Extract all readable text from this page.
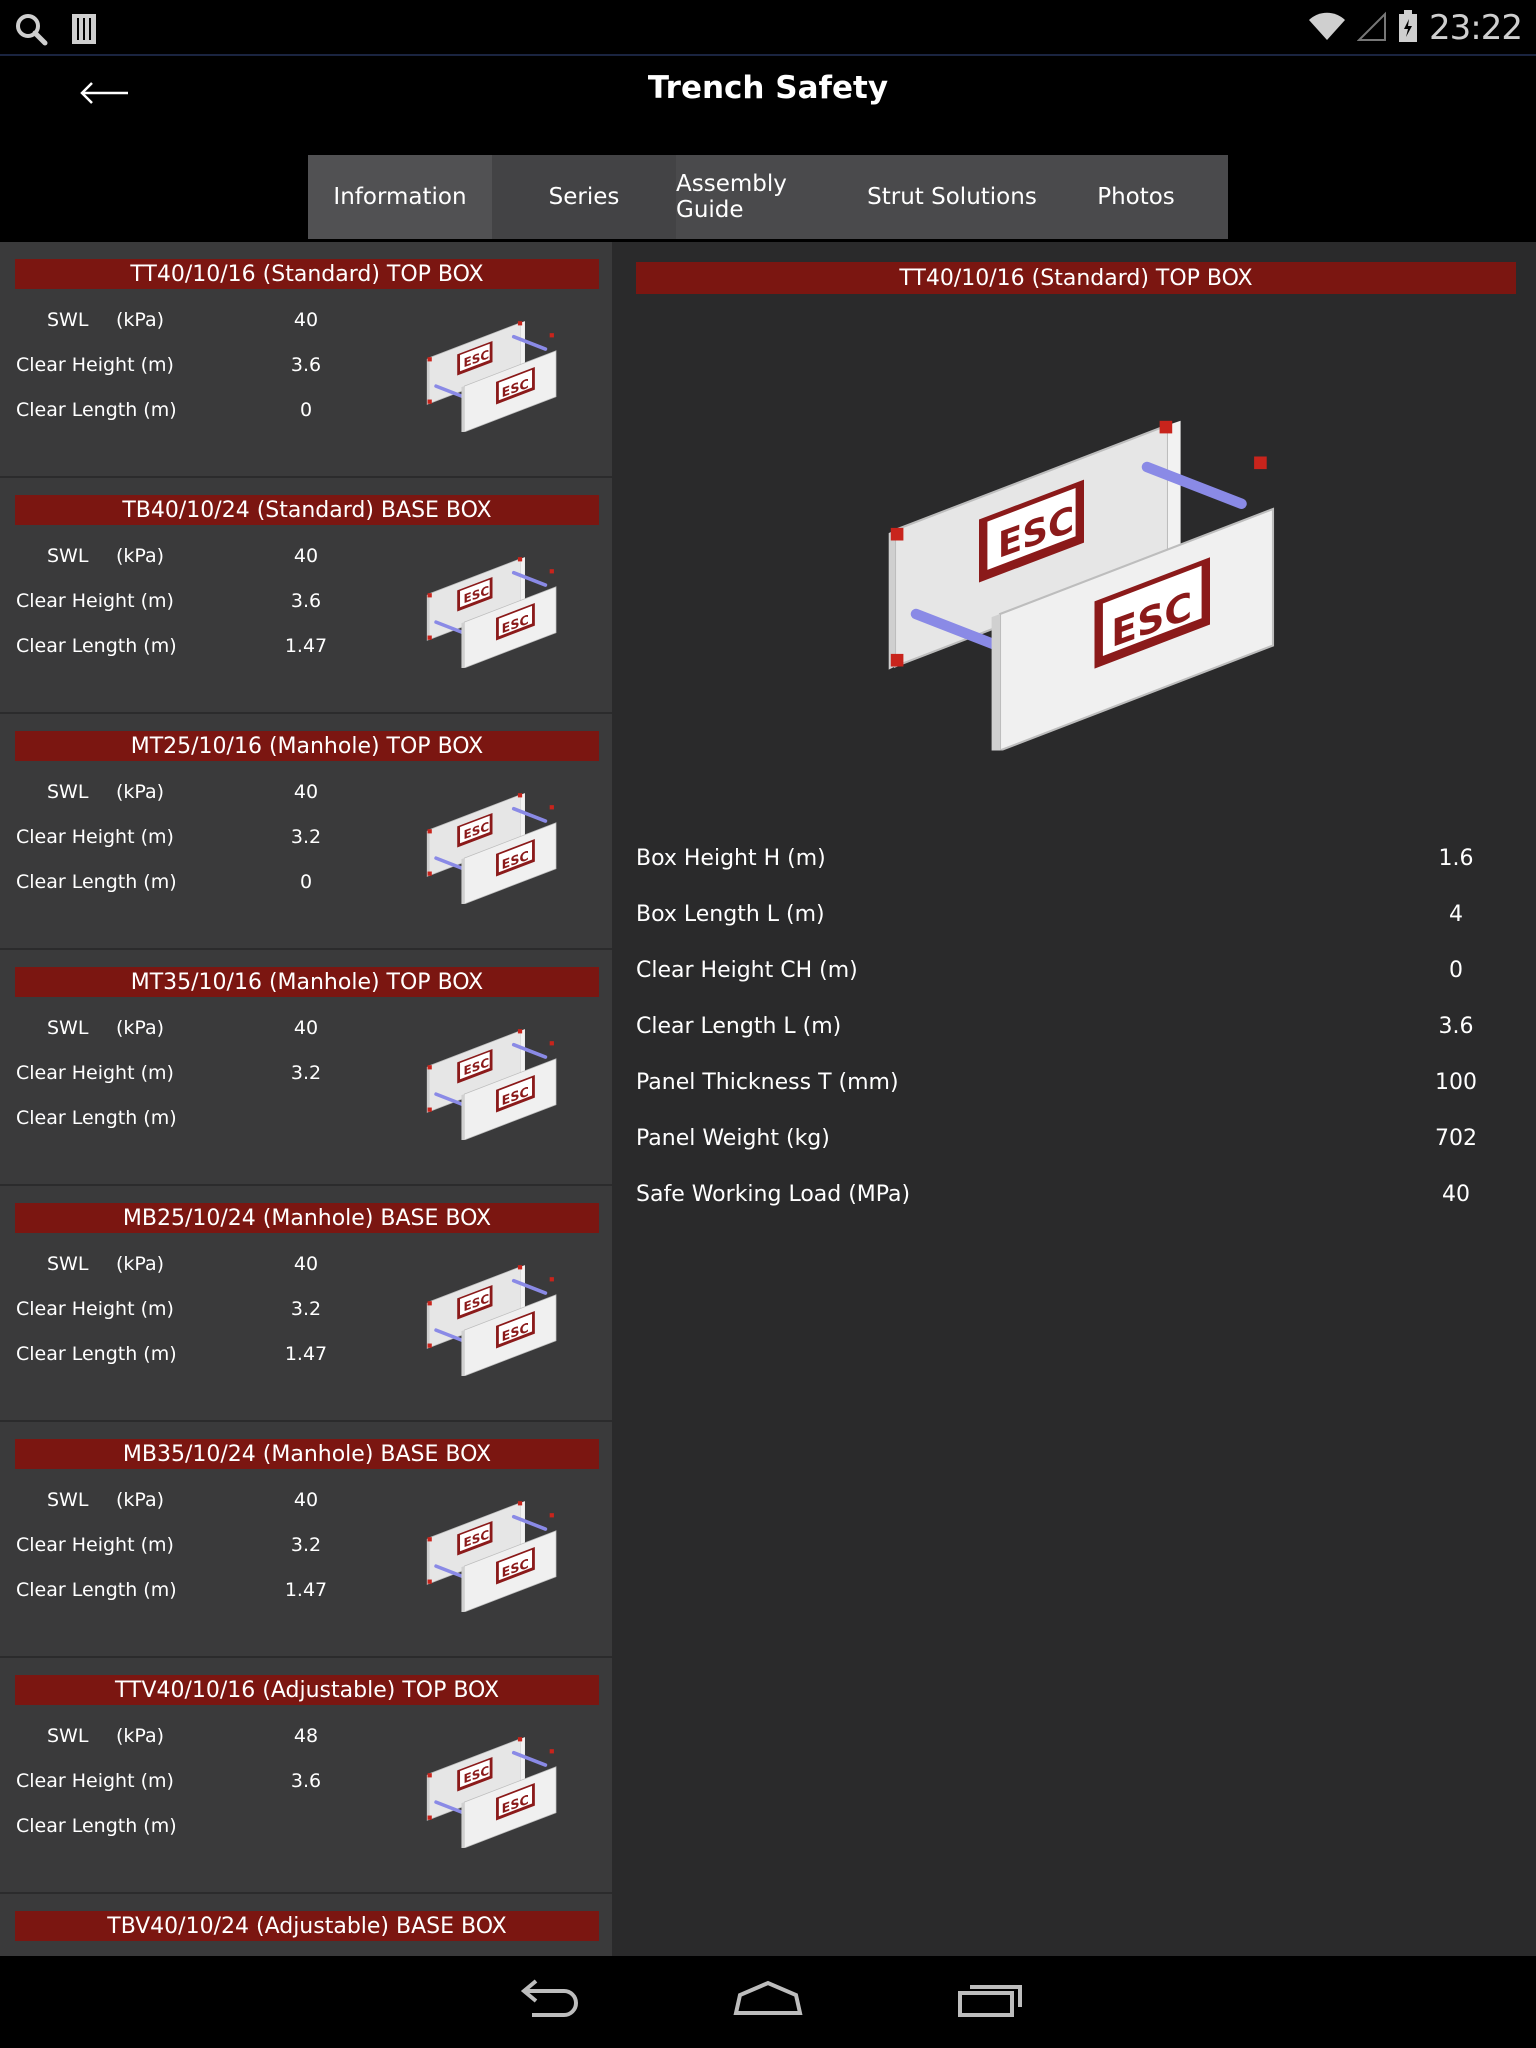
23:22
Trench Safety
Information	Series	Assembly Guide	Strut Solutions	Photos
TT40/10/16 (Standard) TOP BOX
SWL (kPa)	40
Clear Height (m)	3.6
Clear Length (m)	0
TB40/10/24 (Standard) BASE BOX
SWL (kPa)	40
Clear Height (m)	3.6
Clear Length (m)	1.47
MT25/10/16 (Manhole) TOP BOX
SWL (kPa)	40
Clear Height (m)	3.2
Clear Length (m)	0
MT35/10/16 (Manhole) TOP BOX
SWL (kPa)	40
Clear Height (m)	3.2
Clear Length (m)
MB25/10/24 (Manhole) BASE BOX
SWL (kPa)	40
Clear Height (m)	3.2
Clear Length (m)	1.47
MB35/10/24 (Manhole) BASE BOX
SWL (kPa)	40
Clear Height (m)	3.2
Clear Length (m)	1.47
TTV40/10/16 (Adjustable) TOP BOX
SWL (kPa)	48
Clear Height (m)	3.6
Clear Length (m)
TBV40/10/24 (Adjustable) BASE BOX
TT40/10/16 (Standard) TOP BOX
Box Height H (m)	1.6
Box Length L (m)	4
Clear Height CH (m)	0
Clear Length L (m)	3.6
Panel Thickness T (mm)	100
Panel Weight (kg)	702
Safe Working Load (MPa)	40
